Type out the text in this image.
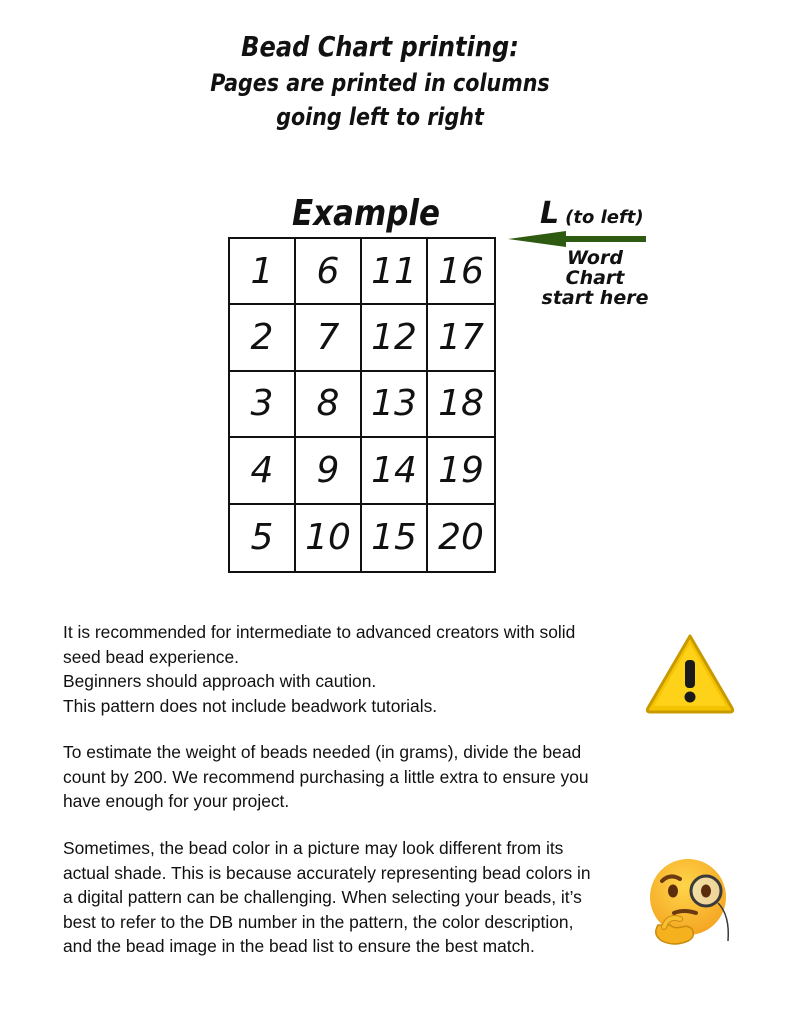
Bead Chart printing:
Pages are printed in columns
going left to right
Example
1	6 11 16
2	7 12 17
3	8 13 18
4	9 14 19
5 10 15 20
L (to left)
Word Chart
start here

It is recommended for intermediate to advanced creators with solid

seed bead experience.

Beginners should approach with caution.

This pattern does not include beadwork tutorials.

To estimate the weight of beads needed (in grams), divide the bead

count by 200. We recommend purchasing a little extra to ensure you

have enough for your project.

Sometimes, the bead color in a picture may look different from its

actual shade. This is because accurately representing bead colors in

a digital pattern can be challenging. When selecting your beads, it’s

best to refer to the DB number in the pattern, the color description,

and the bead image in the bead list to ensure the best match.
